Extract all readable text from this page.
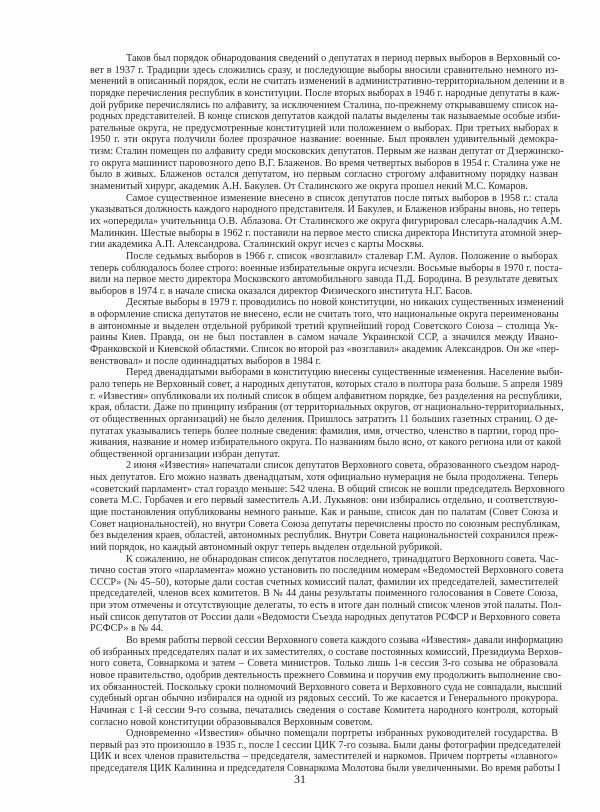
Таков был порядок обнародования сведений о депутатах в период первых выборов в Верховный со-
вет в 1937 г. Традиции здесь сложились сразу, и последующие выборы вносили сравнительно немного из-
менений в описанный порядок, если не считать изменений в административно-территориальном делении и в
порядке перечисления республик в конституции. После вторых выборах в 1946 г. народные депутаты в каж-
дой рубрике перечислялись по алфавиту, за исключением Сталина, по-прежнему открывавшему список на-
родных представителей. В конце списков депутатов каждой палаты выделены так называемые особые изби-
рательные округа, не предусмотренные конституцией или положением о выборах. При третьих выборах в
1950 г. эти округа получили более прозрачное название: военные. Был проявлен удивительный демокра-
тизм: Сталин помещен по алфавиту среди московских депутатов. Первым же назван депутат от Дзержинско-
го округа машинист паровозного депо В.Г. Блаженов. Во время четвертых выборов в 1954 г. Сталина уже не
было в живых. Блаженов остался депутатом, но первым согласно строгому алфавитному порядку назван
знаменитый хирург, академик А.Н. Бакулев. От Сталинского же округа прошел некий М.С. Комаров.
Самое существенное изменение внесено в список депутатов после пятых выборов в 1958 г.: стала
указываться должность каждого народного представителя. И Бакулев, и Блаженов избраны вновь, но теперь
их «опередила» учительница О.В. Аблазова. От Сталинского же округа фигурировал слесарь-наладчик А.М.
Малинкин. Шестые выборы в 1962 г. поставили на первое место списка директора Института атомной энер-
гии академика А.П. Александрова. Сталинский округ исчез с карты Москвы.
После седьмых выборов в 1966 г. список «возглавил» сталевар Г.М. Аулов. Положение о выборах
теперь соблюдалось более строго: военные избирательные округа исчезли. Восьмые выборы в 1970 г. поста-
вили на первое место директора Московского автомобильного завода П.Д. Бородина. В результате девятых
выборов в 1974 г. в начале списка оказался директор Физического института Н.Г. Басов.
Десятые выборы в 1979 г. проводились по новой конституции, но никаких существенных изменений
в оформление списка депутатов не внесено, если не считать того, что национальные округа переименованы
в автономные и выделен отдельной рубрикой третий крупнейший город Советского Союза – столица Ук-
раины Киев. Правда, он не был поставлен в самом начале Украинской ССР, а значился между Ивано-
Франковской и Киевской областями. Список во второй раз «возглавил» академик Александров. Он же «пер-
венствовал» и после одиннадцатых выборов в 1984 г.
Перед двенадцатыми выборами в конституцию внесены существенные изменения. Население выби-
рало теперь не Верховный совет, а народных депутатов, которых стало в полтора раза больше. 5 апреля 1989
г. «Известия» опубликовали их полный список в общем алфавитном порядке, без разделения на республики,
края, области. Даже по принципу избрания (от территориальных округов, от национально-территориальных,
от общественных организаций) не было деления. Пришлось затратить 11 больших газетных страниц. О де-
путатах указывались теперь более полные сведения: фамилия, имя, отчество, членство в партии, город про-
живания, название и номер избирательного округа. По названиям было ясно, от какого региона или от какой
общественной организации избран депутат.
2 июня «Известия» напечатали список депутатов Верховного совета, образованного съездом народ-
ных депутатов. Его можно назвать двенадцатым, хотя официально нумерация не была продолжена. Теперь
«советский парламент» стал гораздо меньше: 542 члена. В общий список не вошли председатель Верховного
совета М.С. Горбачев и его первый заместитель А.И. Лукьянов: они избирались отдельно, и соответствую-
щие постановления опубликованы немного раньше. Как и раньше, список дан по палатам (Совет Союза и
Совет национальностей), но внутри Совета Союза депутаты перечислены просто по союзным республикам,
без выделения краев, областей, автономных республик. Внутри Совета национальностей сохранился преж-
ний порядок, но каждый автономный округ теперь выделен отдельной рубрикой.
К сожалению, не обнародован список депутатов последнего, тринадцатого Верховного совета. Час-
тично состав этого «парламента» можно установить по последним номерам «Ведомостей Верховного совета
СССР» (№ 45–50), которые дали состав счетных комиссий палат, фамилии их председателей, заместителей
председателей, членов всех комитетов. В № 44 даны результаты поименного голосования в Совете Союза,
при этом отмечены и отсутствующие делегаты, то есть в итоге дан полный список членов этой палаты. Пол-
ный список депутатов от России дали «Ведомости Съезда народных депутатов РСФСР и Верховного совета
РСФСР» в № 44.
Во время работы первой сессии Верховного совета каждого созыва «Известия» давали информацию
об избранных председателях палат и их заместителях, о составе постоянных комиссий, Президиума Верхов-
ного совета, Совнаркома и затем – Совета министров. Только лишь 1-я сессия 3-го созыва не образовала
новое правительство, одобрив деятельность прежнего Совмина и поручив ему продолжить выполнение сво-
их обязанностей. Поскольку сроки полномочий Верховного совета и Верховного суда не совпадали, высший
судебный орган обычно избирался на одной из рядовых сессий. То же касается и Генерального прокурора.
Начиная с 1-й сессии 9-го созыва, печатались сведения о составе Комитета народного контроля, который
согласно новой конституции образовывался Верховным советом.
Одновременно «Известия» обычно помещали портреты избранных руководителей государства. В
первый раз это произошло в 1935 г., после I сессии ЦИК 7-го созыва. Были даны фотографии председателей
ЦИК и всех членов правительства – председателя, заместителей и наркомов. Причем портреты «главного»
председателя ЦИК Калинина и председателя Совнаркома Молотова были увеличенными. Во время работы I
31
